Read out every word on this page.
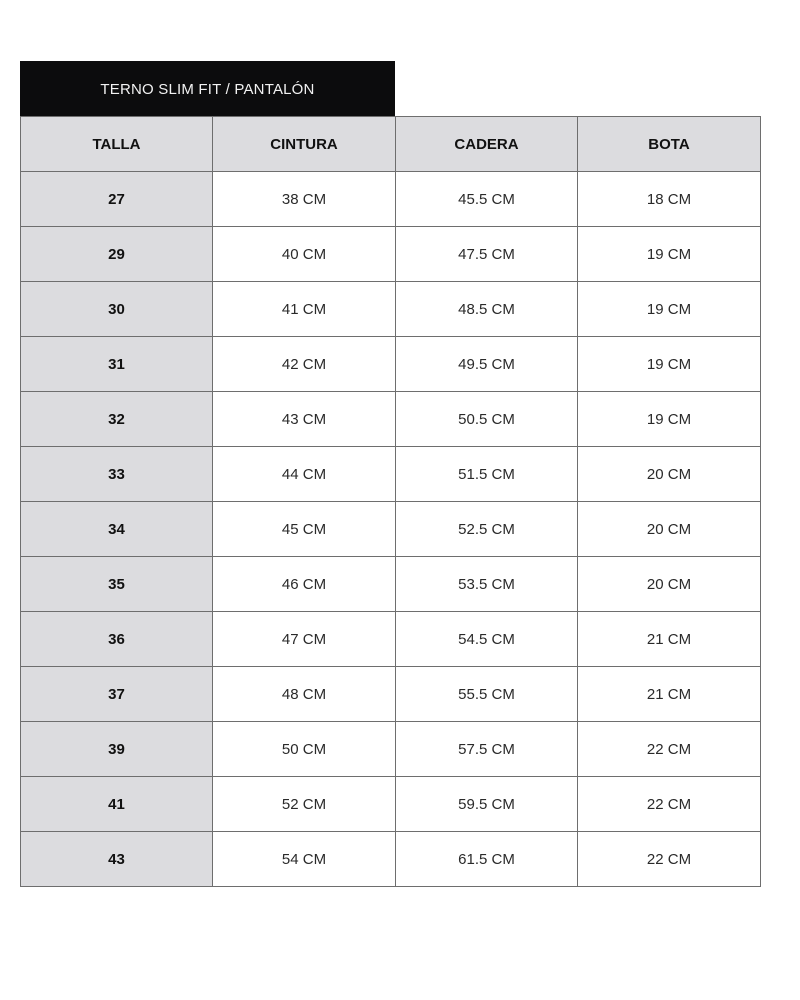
TERNO SLIM FIT / PANTALÓN
TALLA	CINTURA	CADERA	BOTA
27	38 CM	45.5 CM	18 CM
29	40 CM	47.5 CM	19 CM
30	41 CM	48.5 CM	19 CM
31	42 CM	49.5 CM	19 CM
32	43 CM	50.5 CM	19 CM
33	44 CM	51.5 CM	20 CM
34	45 CM	52.5 CM	20 CM
35	46 CM	53.5 CM	20 CM
36	47 CM	54.5 CM	21 CM
37	48 CM	55.5 CM	21 CM
39	50 CM	57.5 CM	22 CM
41	52 CM	59.5 CM	22 CM
43	54 CM	61.5 CM	22 CM
